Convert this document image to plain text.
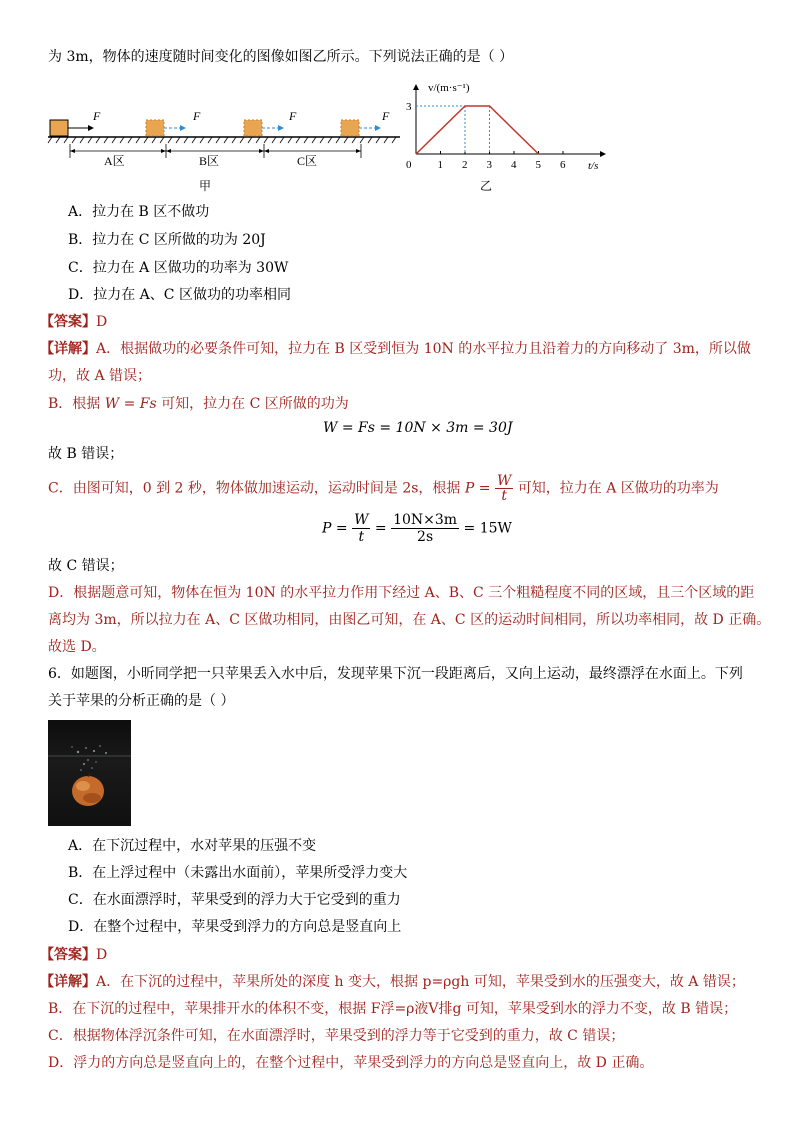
为 3m，物体的速度随时间变化的图像如图乙所示。下列说法正确的是（ ）
F	F	F	F
A区	B区	C区
甲
v/(m·s⁻¹)
t/s
0 1 2 3 4 5 6
3
乙
A．拉力在 B 区不做功
B．拉力在 C 区所做的功为 20J
C．拉力在 A 区做功的功率为 30W
D．拉力在 A、C 区做功的功率相同
【答案】D
【详解】A．根据做功的必要条件可知，拉力在 B 区受到恒为 10N 的水平拉力且沿着力的方向移动了 3m，所以做
功，故 A 错误；
B．根据 W = Fs 可知，拉力在 C 区所做的功为
W = Fs = 10N × 3m = 30J
故 B 错误；
C．由图可知，0 到 2 秒，物体做加速运动，运动时间是 2s，根据 $P = \frac{W}{t}$ 可知，拉力在 A 区做功的功率为
$P = \frac{W}{t} = \frac{10N\times 3m}{2s} = 15W$
故 C 错误；
D．根据题意可知，物体在恒为 10N 的水平拉力作用下经过 A、B、C 三个粗糙程度不同的区域，且三个区域的距
离均为 3m，所以拉力在 A、C 区做功相同，由图乙可知，在 A、C 区的运动时间相同，所以功率相同，故 D 正确。
故选 D。
6．如题图，小昕同学把一只苹果丢入水中后，发现苹果下沉一段距离后，又向上运动，最终漂浮在水面上。下列
关于苹果的分析正确的是（ ）
A．在下沉过程中，水对苹果的压强不变
B．在上浮过程中（未露出水面前），苹果所受浮力变大
C．在水面漂浮时，苹果受到的浮力大于它受到的重力
D．在整个过程中，苹果受到浮力的方向总是竖直向上
【答案】D
【详解】A．在下沉的过程中，苹果所处的深度 h 变大，根据 p=ρgh 可知，苹果受到水的压强变大，故 A 错误；
B．在下沉的过程中，苹果排开水的体积不变，根据 F浮=ρ液V排g 可知，苹果受到水的浮力不变，故 B 错误；
C．根据物体浮沉条件可知，在水面漂浮时，苹果受到的浮力等于它受到的重力，故 C 错误；
D．浮力的方向总是竖直向上的，在整个过程中，苹果受到浮力的方向总是竖直向上，故 D 正确。
